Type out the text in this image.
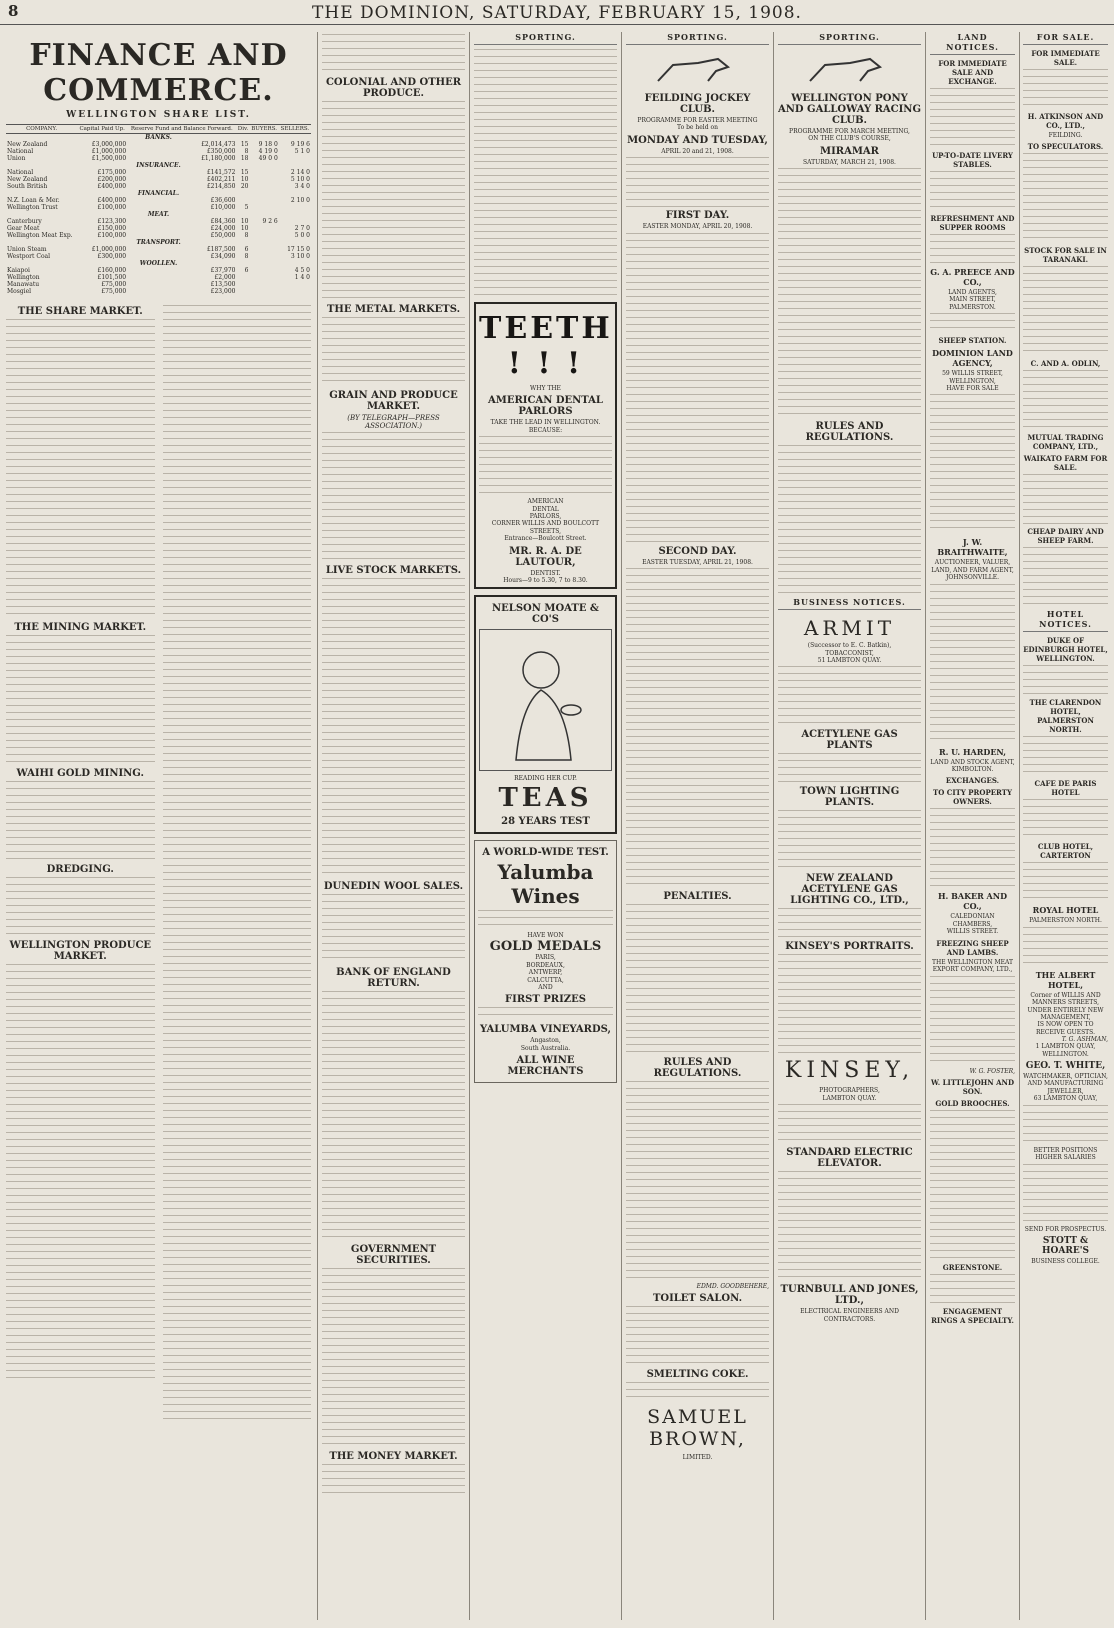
8	THE DOMINION, SATURDAY, FEBRUARY 15, 1908.
FINANCE AND COMMERCE.
WELLINGTON SHARE LIST.
COMPANY.	Capital Paid Up.	Reserve Fund and Balance Forward.	Div.	BUYERS.	SELLERS.
BANKS.					
New Zealand	£3,000,000	£2,014,473	15	9 18 0	9 19 6
National	£1,000,000	£350,000	8	4 19 0	5 1 0
Union	£1,500,000	£1,180,000	18	49 0 0	
INSURANCE.					
National	£175,000	£141,572	15		2 14 0
New Zealand	£200,000	£402,211	10		5 10 0
South British	£400,000	£214,850	20		3 4 0
FINANCIAL.					
N.Z. Loan & Mer.	£400,000	£36,600			2 10 0
Wellington Trust	£100,000	£10,000	5		
MEAT.					
Canterbury	£123,300	£84,360	10	9 2 6	
Gear Meat	£150,000	£24,000	10		2 7 0
Wellington Meat Exp.	£100,000	£50,000	8		5 0 0
TRANSPORT.					
Union Steam	£1,000,000	£187,500	6		17 15 0
Westport Coal	£300,000	£34,090	8		3 10 0
WOOLLEN.					
Kaiapoi	£160,000	£37,970	6		4 5 0
Wellington	£101,500	£2,000			1 4 0
Manawatu	£75,000	£13,500			
Mosgiel	£75,000	£23,000			
THE SHARE MARKET.
THE MINING MARKET.
WAIHI GOLD MINING.
DREDGING.
WELLINGTON PRODUCE MARKET.
COLONIAL AND OTHER PRODUCE.
THE METAL MARKETS.
GRAIN AND PRODUCE MARKET.
(BY TELEGRAPH—PRESS ASSOCIATION.)
LIVE STOCK MARKETS.
DUNEDIN WOOL SALES.
BANK OF ENGLAND RETURN.
GOVERNMENT SECURITIES.
THE MONEY MARKET.
SPORTING.
TEETH ! ! !
WHY THE
AMERICAN DENTAL PARLORS
TAKE THE LEAD IN WELLINGTON.
BECAUSE:
AMERICAN
DENTAL
PARLORS,
CORNER WILLIS AND BOULCOTT STREETS,
Entrance—Boulcott Street.
MR. R. A. DE LAUTOUR,
DENTIST.
Hours—9 to 5.30, 7 to 8.30.
NELSON MOATE & CO'S
READING HER CUP.
TEAS
28 YEARS TEST
A WORLD-WIDE TEST.
Yalumba Wines
HAVE WON
GOLD MEDALS
PARIS,
BORDEAUX,
ANTWERP,
CALCUTTA,
AND
FIRST PRIZES
YALUMBA VINEYARDS,
Angaston,
South Australia.
ALL WINE MERCHANTS
SPORTING.
FEILDING JOCKEY CLUB.
PROGRAMME FOR EASTER MEETING
To be held on
MONDAY AND TUESDAY,
APRIL 20 and 21, 1908.
FIRST DAY.
EASTER MONDAY, APRIL 20, 1908.
SECOND DAY.
EASTER TUESDAY, APRIL 21, 1908.
PENALTIES.
RULES AND REGULATIONS.
EDMD. GOODBEHERE,
TOILET SALON.
SMELTING COKE.
SAMUEL BROWN,
LIMITED.
SPORTING.
WELLINGTON PONY AND GALLOWAY RACING CLUB.
PROGRAMME FOR MARCH MEETING,
ON THE CLUB'S COURSE,
MIRAMAR
SATURDAY, MARCH 21, 1908.
RULES AND REGULATIONS.
BUSINESS NOTICES.
ARMIT
(Successor to E. C. Batkin),
TOBACCONIST,
51 LAMBTON QUAY.
ACETYLENE GAS PLANTS
TOWN LIGHTING PLANTS.
NEW ZEALAND ACETYLENE GAS LIGHTING CO., LTD.,
KINSEY'S PORTRAITS.
KINSEY,
PHOTOGRAPHERS,
LAMBTON QUAY.
STANDARD ELECTRIC ELEVATOR.
TURNBULL AND JONES, LTD.,
ELECTRICAL ENGINEERS AND CONTRACTORS.
LAND NOTICES.
FOR IMMEDIATE SALE AND EXCHANGE.
UP-TO-DATE LIVERY STABLES.
REFRESHMENT AND SUPPER ROOMS
G. A. PREECE AND CO.,
LAND AGENTS,
MAIN STREET, PALMERSTON.
SHEEP STATION.
DOMINION LAND AGENCY,
59 WILLIS STREET, WELLINGTON,
HAVE FOR SALE
J. W. BRAITHWAITE,
AUCTIONEER, VALUER, LAND, AND FARM AGENT,
JOHNSONVILLE.
R. U. HARDEN,
LAND AND STOCK AGENT,
KIMBOLTON.
EXCHANGES.
TO CITY PROPERTY OWNERS.
H. BAKER AND CO.,
CALEDONIAN CHAMBERS,
WILLIS STREET.
FREEZING SHEEP AND LAMBS.
THE WELLINGTON MEAT EXPORT COMPANY, LTD.,
W. G. FOSTER,
W. LITTLEJOHN AND SON.
GOLD BROOCHES.
GREENSTONE.
ENGAGEMENT RINGS A SPECIALTY.
FOR SALE.
FOR IMMEDIATE SALE.
H. ATKINSON AND CO., LTD.,
FEILDING.
TO SPECULATORS.
STOCK FOR SALE IN TARANAKI.
C. AND A. ODLIN,
MUTUAL TRADING COMPANY, LTD.,
WAIKATO FARM FOR SALE.
CHEAP DAIRY AND SHEEP FARM.
HOTEL NOTICES.
DUKE OF EDINBURGH HOTEL, WELLINGTON.
THE CLARENDON HOTEL, PALMERSTON NORTH.
CAFE DE PARIS HOTEL
CLUB HOTEL, CARTERTON
ROYAL HOTEL
PALMERSTON NORTH.
THE ALBERT HOTEL,
Corner of WILLIS AND MANNERS STREETS,
UNDER ENTIRELY NEW MANAGEMENT,
IS NOW OPEN TO RECEIVE GUESTS.
T. G. ASHMAN,
1 LAMBTON QUAY, WELLINGTON.
GEO. T. WHITE,
WATCHMAKER, OPTICIAN, AND MANUFACTURING JEWELLER,
63 LAMBTON QUAY,
BETTER POSITIONS
HIGHER SALARIES
SEND FOR PROSPECTUS.
STOTT & HOARE'S
BUSINESS COLLEGE.
